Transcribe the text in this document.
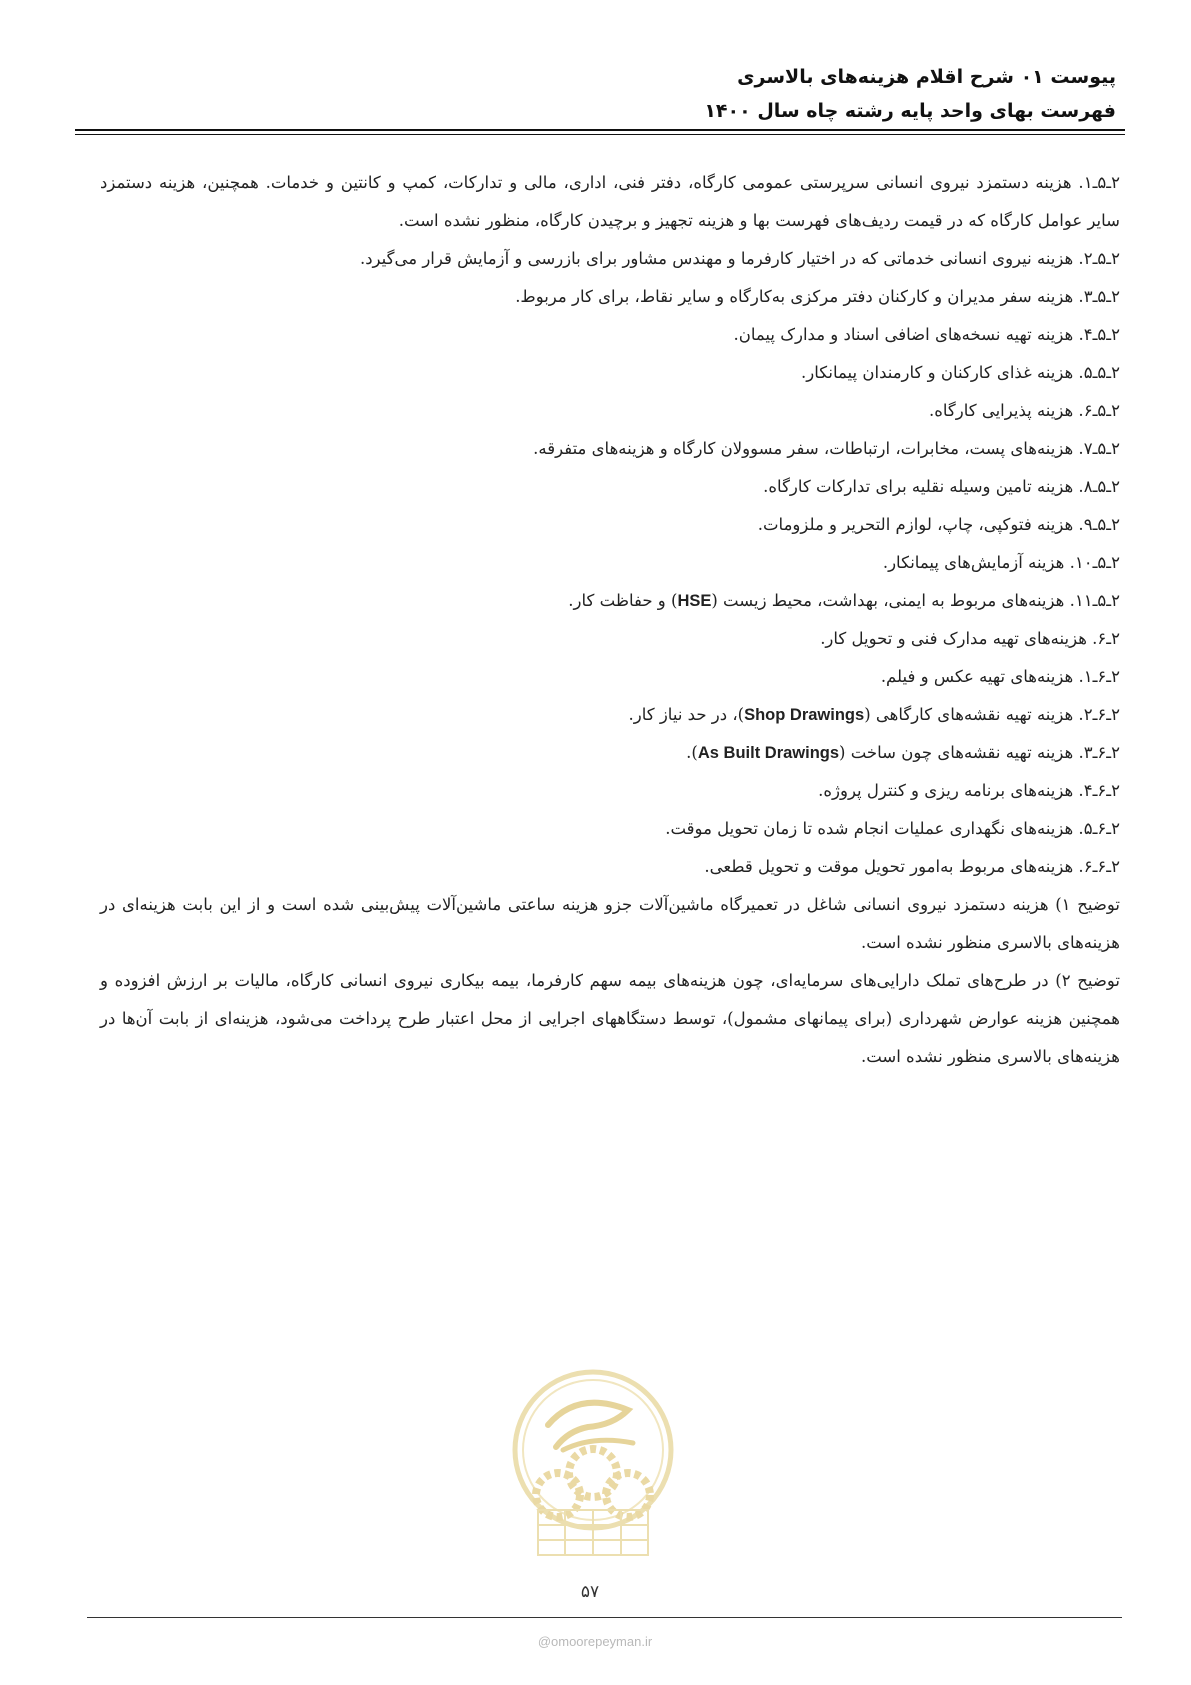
پیوست ۰۱ شرح اقلام هزینه‌های بالاسری
فهرست بهای واحد پایه رشته چاه سال ۱۴۰۰

۲ـ۵ـ۱. هزینه دستمزد نیروی انسانی سرپرستی عمومی کارگاه، دفتر فنی، اداری، مالی و تدارکات، کمپ و کانتین و خدمات. همچنین، هزینه دستمزد سایر عوامل کارگاه که در قیمت ردیف‌های فهرست بها و هزینه تجهیز و برچیدن کارگاه، منظور نشده است.

۲ـ۵ـ۲. هزینه نیروی انسانی خدماتی که در اختیار کارفرما و مهندس مشاور برای بازرسی و آزمایش قرار می‌گیرد.

۲ـ۵ـ۳. هزینه سفر مدیران و کارکنان دفتر مرکزی به‌کارگاه و سایر نقاط، برای کار مربوط.

۲ـ۵ـ۴. هزینه تهیه نسخه‌های اضافی اسناد و مدارک پیمان.

۲ـ۵ـ۵. هزینه غذای کارکنان و کارمندان پیمانکار.

۲ـ۵ـ۶. هزینه پذیرایی کارگاه.

۲ـ۵ـ۷. هزینه‌های پست، مخابرات، ارتباطات، سفر مسوولان کارگاه و هزینه‌های متفرقه.

۲ـ۵ـ۸. هزینه تامین وسیله نقلیه برای تدارکات کارگاه.

۲ـ۵ـ۹. هزینه فتوکپی، چاپ، لوازم التحریر و ملزومات.

۲ـ۵ـ۱۰. هزینه آزمایش‌های پیمانکار.

۲ـ۵ـ۱۱. هزینه‌های مربوط به ایمنی، بهداشت، محیط زیست (HSE) و حفاظت کار.

۲ـ۶. هزینه‌های تهیه مدارک فنی و تحویل کار.

۲ـ۶ـ۱. هزینه‌های تهیه عکس و فیلم.

۲ـ۶ـ۲. هزینه تهیه نقشه‌های کارگاهی (Shop Drawings)، در حد نیاز کار.

۲ـ۶ـ۳. هزینه تهیه نقشه‌های چون ساخت (As Built Drawings).

۲ـ۶ـ۴. هزینه‌های برنامه ریزی و کنترل پروژه.

۲ـ۶ـ۵. هزینه‌های نگهداری عملیات انجام شده تا زمان تحویل موقت.

۲ـ۶ـ۶. هزینه‌های مربوط به‌امور تحویل موقت و تحویل قطعی.

توضیح ۱) هزینه دستمزد نیروی انسانی شاغل در تعمیرگاه ماشین‌آلات جزو هزینه ساعتی ماشین‌آلات پیش‌بینی شده است و از این بابت هزینه‌ای در هزینه‌های بالاسری منظور نشده است.

توضیح ۲) در طرح‌های تملک دارایی‌های سرمایه‌ای، چون هزینه‌های بیمه سهم کارفرما، بیمه بیکاری نیروی انسانی کارگاه، مالیات بر ارزش افزوده و همچنین هزینه عوارض شهرداری (برای پیمانهای مشمول)، توسط دستگاههای اجرایی از محل اعتبار طرح پرداخت می‌شود، هزینه‌ای از بابت آن‌ها در هزینه‌های بالاسری منظور نشده است.

۵۷
@omoorepeyman.ir
